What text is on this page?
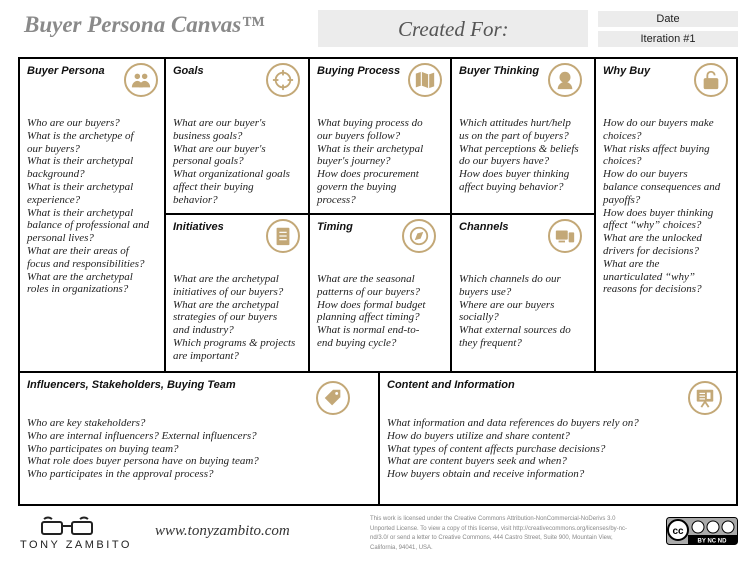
Buyer Persona Canvas™	Created For:	Date
Iteration #1
Buyer Persona
Who are our buyers?
What is the archetype of
our buyers?
What is their archetypal
background?
What is their archetypal
experience?
What is their archetypal
balance of professional and
personal lives?
What are their areas of
focus and responsibilities?
What are the archetypal
roles in organizations?
Goals
What are our buyer's
business goals?
What are our buyer's
personal goals?
What organizational goals
affect their buying
behavior?
Buying Process
What buying process do
our buyers follow?
What is their archetypal
buyer's journey?
How does procurement
govern the buying
process?
Buyer Thinking
Which attitudes hurt/help
us on the part of buyers?
What perceptions & beliefs
do our buyers have?
How does buyer thinking
affect buying behavior?
Why Buy
How do our buyers make
choices?
What risks affect buying
choices?
How do our buyers
balance consequences and
payoffs?
How does buyer thinking
affect “why” choices?
What are the unlocked
drivers for decisions?
What are the
unarticulated “why”
reasons for decisions?
Initiatives
What are the archetypal
initiatives of our buyers?
What are the archetypal
strategies of our buyers
and industry?
Which programs & projects
are important?
Timing
What are the seasonal
patterns of our buyers?
How does formal budget
planning affect timing?
What is normal end-to-
end buying cycle?
Channels
Which channels do our
buyers use?
Where are our buyers
socially?
What external sources do
they frequent?
Influencers, Stakeholders, Buying Team
Who are key stakeholders?
Who are internal influencers? External influencers?
Who participates on buying team?
What role does buyer persona have on buying team?
Who participates in the approval process?
Content and Information
What information and data references do buyers rely on?
How do buyers utilize and share content?
What types of content affects purchase decisions?
What are content buyers seek and when?
How buyers obtain and receive information?
TONY ZAMBITO
www.tonyzambito.com
This work is licensed under the Creative Commons Attribution-NonCommercial-NoDerivs 3.0
Unported License. To view a copy of this license, visit http://creativecommons.org/licenses/by-nc-
nd/3.0/ or send a letter to Creative Commons, 444 Castro Street, Suite 900, Mountain View,
California, 94041, USA.
cc
BY NC ND
